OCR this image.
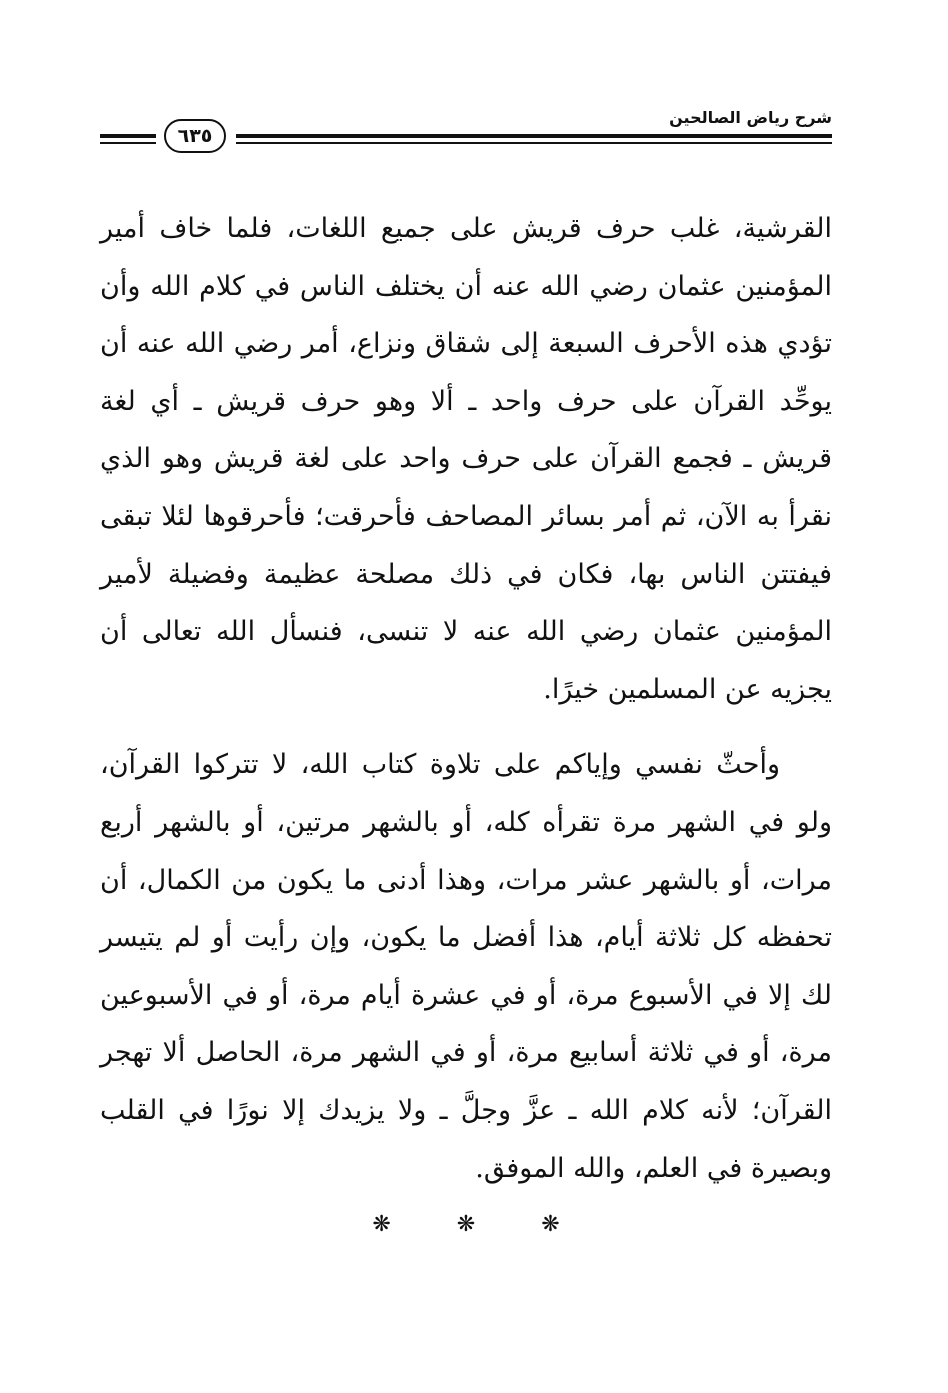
شرح رياض الصالحين
٦٣٥

القرشية، غلب حرف قريش على جميع اللغات، فلما خاف أمير المؤمنين عثمان رضي الله عنه أن يختلف الناس في كلام الله وأن تؤدي هذه الأحرف السبعة إلى شقاق ونزاع، أمر رضي الله عنه أن يوحِّد القرآن على حرف واحد ـ ألا وهو حرف قريش ـ أي لغة قريش ـ فجمع القرآن على حرف واحد على لغة قريش وهو الذي نقرأ به الآن، ثم أمر بسائر المصاحف فأحرقت؛ فأحرقوها لئلا تبقى فيفتتن الناس بها، فكان في ذلك مصلحة عظيمة وفضيلة لأمير المؤمنين عثمان رضي الله عنه لا تنسى، فنسأل الله تعالى أن يجزيه عن المسلمين خيرًا.

وأحثّ نفسي وإياكم على تلاوة كتاب الله، لا تتركوا القرآن، ولو في الشهر مرة تقرأه كله، أو بالشهر مرتين، أو بالشهر أربع مرات، أو بالشهر عشر مرات، وهذا أدنى ما يكون من الكمال، أن تحفظه كل ثلاثة أيام، هذا أفضل ما يكون، وإن رأيت أو لم يتيسر لك إلا في الأسبوع مرة، أو في عشرة أيام مرة، أو في الأسبوعين مرة، أو في ثلاثة أسابيع مرة، أو في الشهر مرة، الحاصل ألا تهجر القرآن؛ لأنه كلام الله ـ عزَّ وجلَّ ـ ولا يزيدك إلا نورًا في القلب وبصيرة في العلم، والله الموفق.

❋	❋	❋
